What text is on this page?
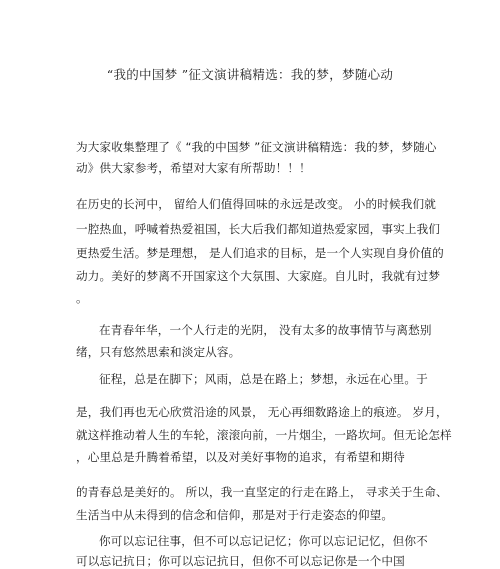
“我的中国梦 ”征文演讲稿精选：我的梦，梦随心动
为大家收集整理了《 “我的中国梦 ”征文演讲稿精选：我的梦，梦随心
动》供大家参考，希望对大家有所帮助！！！
在历史的长河中， 留给人们值得回味的永远是改变。 小的时候我们就
一腔热血，呼喊着热爱祖国，长大后我们都知道热爱家园，事实上我们
更热爱生活。梦是理想， 是人们追求的目标，是一个人实现自身价值的
动力。美好的梦离不开国家这个大氛围、大家庭。自儿时，我就有过梦
。
在青春年华，一个人行走的光阴， 没有太多的故事情节与离愁别
绪，只有悠然思索和淡定从容。
征程，总是在脚下；风雨，总是在路上；梦想，永远在心里。于
是，我们再也无心欣赏沿途的风景， 无心再细数路途上的痕迹。 岁月，
就这样推动着人生的车轮，滚滚向前，一片烟尘，一路坎坷。但无论怎样
，心里总是升腾着希望，以及对美好事物的追求，有希望和期待
的青春总是美好的。 所以，我一直坚定的行走在路上， 寻求关于生命、
生活当中从未得到的信念和信仰，那是对于行走姿态的仰望。
你可以忘记往事，但不可以忘记记忆；你可以忘记记忆，但你不
可以忘记抗日；你可以忘记抗日，但你不可以忘记你是一个中国
